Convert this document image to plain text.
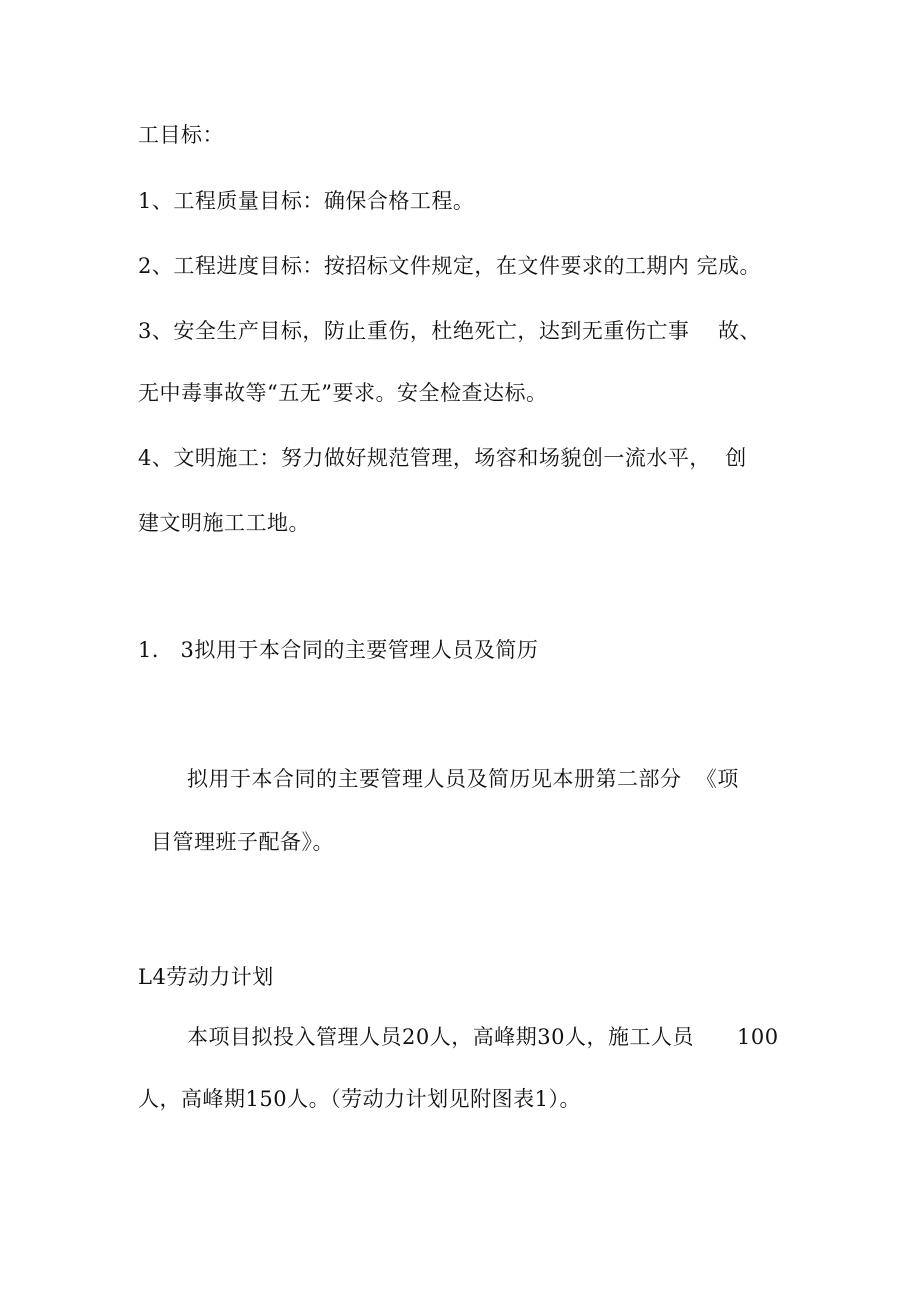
工目标：
1、工程质量目标：确保合格工程。
2、工程进度目标：按招标文件规定，在文件要求的工期内 完成。
3、安全生产目标，防止重伤，杜绝死亡，达到无重伤亡事    故、
无中毒事故等“五无”要求。安全检查达标。
4、文明施工：努力做好规范管理，场容和场貌创一流水平，  创
建文明施工工地。
1． 3拟用于本合同的主要管理人员及简历
拟用于本合同的主要管理人员及简历见本册第二部分  《项
目管理班子配备》。
L4劳动力计划
本项目拟投入管理人员20人，高峰期30人，施工人员      100
人，高峰期150人。（劳动力计划见附图表1）。
